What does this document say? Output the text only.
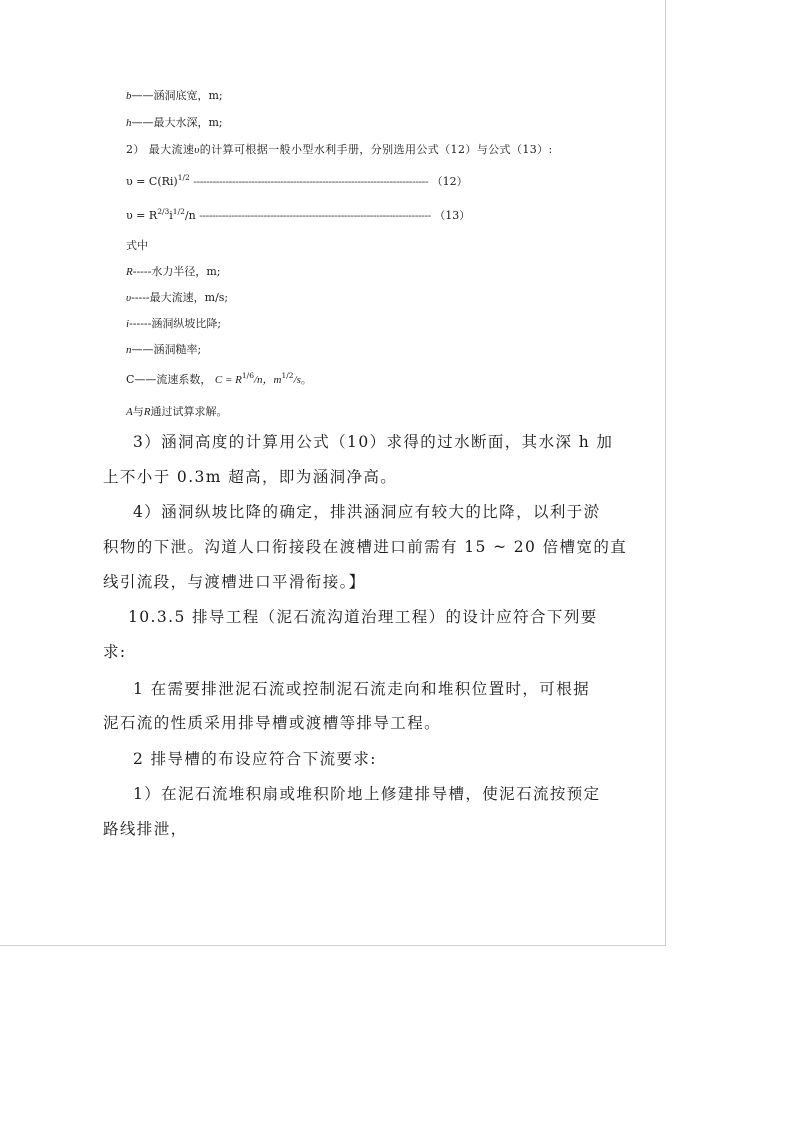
b——涵洞底宽，m;
h——最大水深，m;
2） 最大流速υ的计算可根据一般小型水利手册，分别选用公式（12）与公式（13）:
$\upsilon = C(Ri)^{1/2}$ ------------------------------------------------------------------------- （12）
$\upsilon = R^{2/3}i^{1/2}/n$ ------------------------------------------------------------------------ （13）
式中
R-----水力半径，m;
υ-----最大流速，m/s;
i------涵洞纵坡比降;
n——涵洞糙率;
C——流速系数， $C = R^{1/6}/n$，$m^{1/2}/s$。
A与R通过试算求解。
3）涵洞高度的计算用公式（10）求得的过水断面，其水深 h 加
上不小于 0.3m 超高，即为涵洞净高。
4）涵洞纵坡比降的确定，排洪涵洞应有较大的比降，以利于淤
积物的下泄。沟道人口衔接段在渡槽进口前需有 15 ~ 20 倍槽宽的直
线引流段，与渡槽进口平滑衔接。】
10.3.5 排导工程（泥石流沟道治理工程）的设计应符合下列要
求:
1 在需要排泄泥石流或控制泥石流走向和堆积位置时，可根据
泥石流的性质采用排导槽或渡槽等排导工程。
2 排导槽的布设应符合下流要求:
1）在泥石流堆积扇或堆积阶地上修建排导槽，使泥石流按预定
路线排泄，
